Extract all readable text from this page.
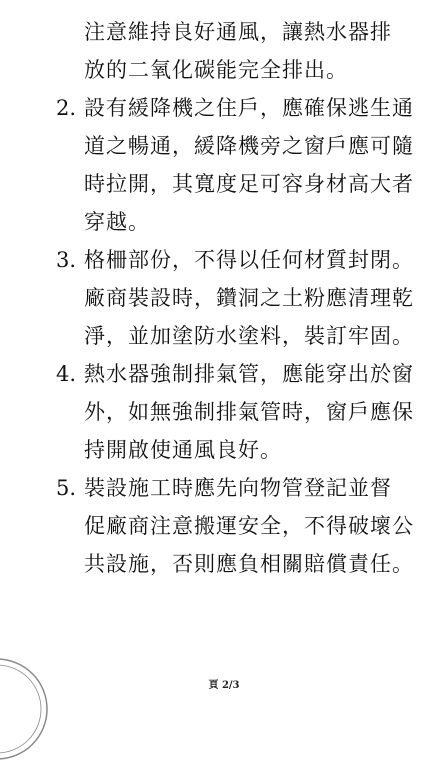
注意維持良好通風，讓熱水器排
放的二氧化碳能完全排出。
2. 設有緩降機之住戶，應確保逃生通
道之暢通，緩降機旁之窗戶應可隨
時拉開，其寬度足可容身材高大者
穿越。
3. 格柵部份，不得以任何材質封閉。
廠商裝設時，鑽洞之土粉應清理乾
淨，並加塗防水塗料，裝訂牢固。
4. 熱水器強制排氣管，應能穿出於窗
外，如無強制排氣管時，窗戶應保
持開啟使通風良好。
5. 裝設施工時應先向物管登記並督
促廠商注意搬運安全，不得破壞公
共設施，否則應負相關賠償責任。
頁 2/3
